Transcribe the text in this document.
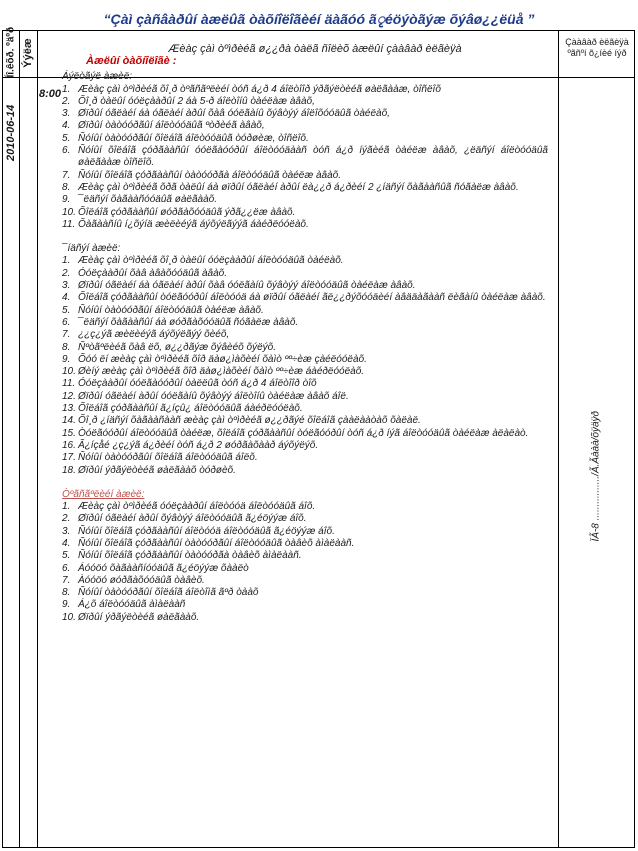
“Çàì çàñâàðûí àæëûã òàõíîëîãèéí äàãóó ãृéöýòãýæ õýâø¿¿ëüå ”
Íî.êõð. ºäºð Ýýëæ	Æèàç çàì òºìðèéã ø¿¿ðà òàëã ñîëèõ àæëûí çààâàð èëãèÿà
Çààâàð èëãèÿà ºãñºí õ¿íèé íýð
2010-06-14
8:00
ÏÃ-8 ................/Ã.Ãààà/õÿäÿð
Àæëûí òàõíîëîãè :
Áýëòãýë àæèë:
Æèàç çàì òºìðèéã õî¸ð òºãñãºëèéí òóñ á¿ð 4 áîëòîîð ýðãýëòèéã øàëãààæ, òîñëîõ
Õî¸ð òàëûí óóëçààðûí 2 áà 5-ð áîëòîíû òàéëàæ àâàõ,
Øïðûí óãëàéí áà óãëàéí àðûí õàâ óóëãàíû õýâòýý áîëîõóóäûã òàéëàõ,
Øïðûí òàòóóðãûí áîëòóóäûã ºòðèéã àâàõ,
Ñóíûí òàòóóðãûí õîëáîã áîëòóóäûã òóðøèæ, òîñëîõ.
Ñóíûí õîëáîã çóðãààñûí óóëãàóóðûí áîëòóóäààñ òóñ á¿ð íýãèéã òàéëæ àâàõ, ¿ëäñýí áîëòóóäûã øàëãààæ òîñëîõ.
Ñóíûí õîëáîã çóðãààñûí òàòóóðãà áîëòóóäûã òàéëæ àâàõ.
Æèàç çàì òºìðèéã õðã òàëûí áà øïðûí óãëàéí àðûí ëà¿¿ð á¿ðèéí 2 ¿íäñýí õàãààñûã ñóãàëæ àâàõ.
¯ëäñýí õàãààñóóäûã øàëãààõ.
Õîëáîã çóðãààñûí øóðãàõóóäûã ýðã¿¿ëæ àâàõ.
Õàãààñíû í¿õýíä æèëèéýã áýõýëãýýã áàéðëóóëàõ.
¯íäñýí àæèë:
Æèàç çàì òºìðèéã õî¸ð òàëûí óóëçààðûí áîëòóóäûã òàéëàõ.
Óóëçààðûí õàâ àâàõóóäûã àâàõ.
Øïðûí óãëàéí áà óãëàéí àðûí õàâ óóëãàíû õýâòýý áîëòóóäûã òàéëàæ àâàõ.
Õîëáîã çóðãààñûí òóëãóóðûí áîëòóóä áà øïðûí óãëàéí ãë¿¿ðýõóóäèéí àâääàãààñ ëèãàíû òàéëàæ àâàõ.
Ñóíûí òàòóóðãûí áîëòóóäûã òàéëæ àâàõ.
¯ëäñýí õàãààñûí áà øóðãàõóóäûã ñóãàëæ àâàõ.
¿¿ç¿ýã æèëèéýã áýõýëãýý õèéõ,
Ñºòãºëèéã õàâ ëõ, ø¿¿ðãýæ õýâèéõ õýëýõ.
Õóó ëí æèàç çàì òºìðèéã õîð äàø¿ìàõèéí õàìò ºº÷èæ çàéëóóëàõ.
Øèíý æèàç çàì òºìðèéã õîð äàø¿ìàõèéí õàìò ºº÷èæ áàéðëóóëàõ.
Óóëçààðûí óóëãàóóðûí òàëëûã òóñ á¿ð 4 áîëòîîð òîõ
Øïðûí óãëàéí àðûí óóëãàíû õýâòýý áîëòîíû òàéëàæ àâàõ áîë.
Õîëáîã çóðãààñûí ã¿íçû¿ áîëòóóäûã áàéðëóóëàõ.
Õî¸ð ¿íäñýí õàãààñààñ æèàç çàì òºìðèéã ø¿¿ðãýé õîëáîã çààëààòàõ õàëàë.
Òóëãóóðûí áîëòóóäûã òàéëæ, õîëáîã çóðãààñûí òóëãóóðûí òóñ á¿ð íýã áîëòóóäûã òàéëàæ àëàëàò.
Ã¿íçåé ¿ç¿ýã á¿ðèéí òóñ á¿ð 2 øóðãàõààð áýõýëýõ.
Ñóíûí òàòóóðãûí õîëáîã áîëòóóäûã áîëõ.
Øïðûí ýðãýëòèéã øàëãààõ òóðøèõ.
Òºãñãºëèéí àæèë:
Æèàç çàì òºìðèéã óóëçààðûí áîëòóóä áîëòóóäûã áîõ.
Øïðûí óãëàéí àðûí õýâòýý áîëòóóäûã ã¿éöýýæ áîõ.
Ñóíûí õîëáîã çóðãààñûí áîëòóóä áîëòóóäûã ã¿éöýýæ áîõ.
Ñóíûí õîëáîã çóðãààñûí òàòóóðãûí áîëòóóäûã òàâèõ àìàëààñ.
Ñóíûí õîëáîã çóðãààñûí òàòóóðãà òàâèõ àìàëààñ.
Áóóöó õàãààñíóóäûã ã¿éöýýæ õààëò
Àóóöó øóðãàõóóäûã òàâèõ.
Ñóíûí òàòóóðãûí õîëáîã áîëòîìã ãºð òààõ
Á¿õ áîëòóóäûã àìàëààñ
Øïðûí ýðãýëòèéã øàëãààõ.
